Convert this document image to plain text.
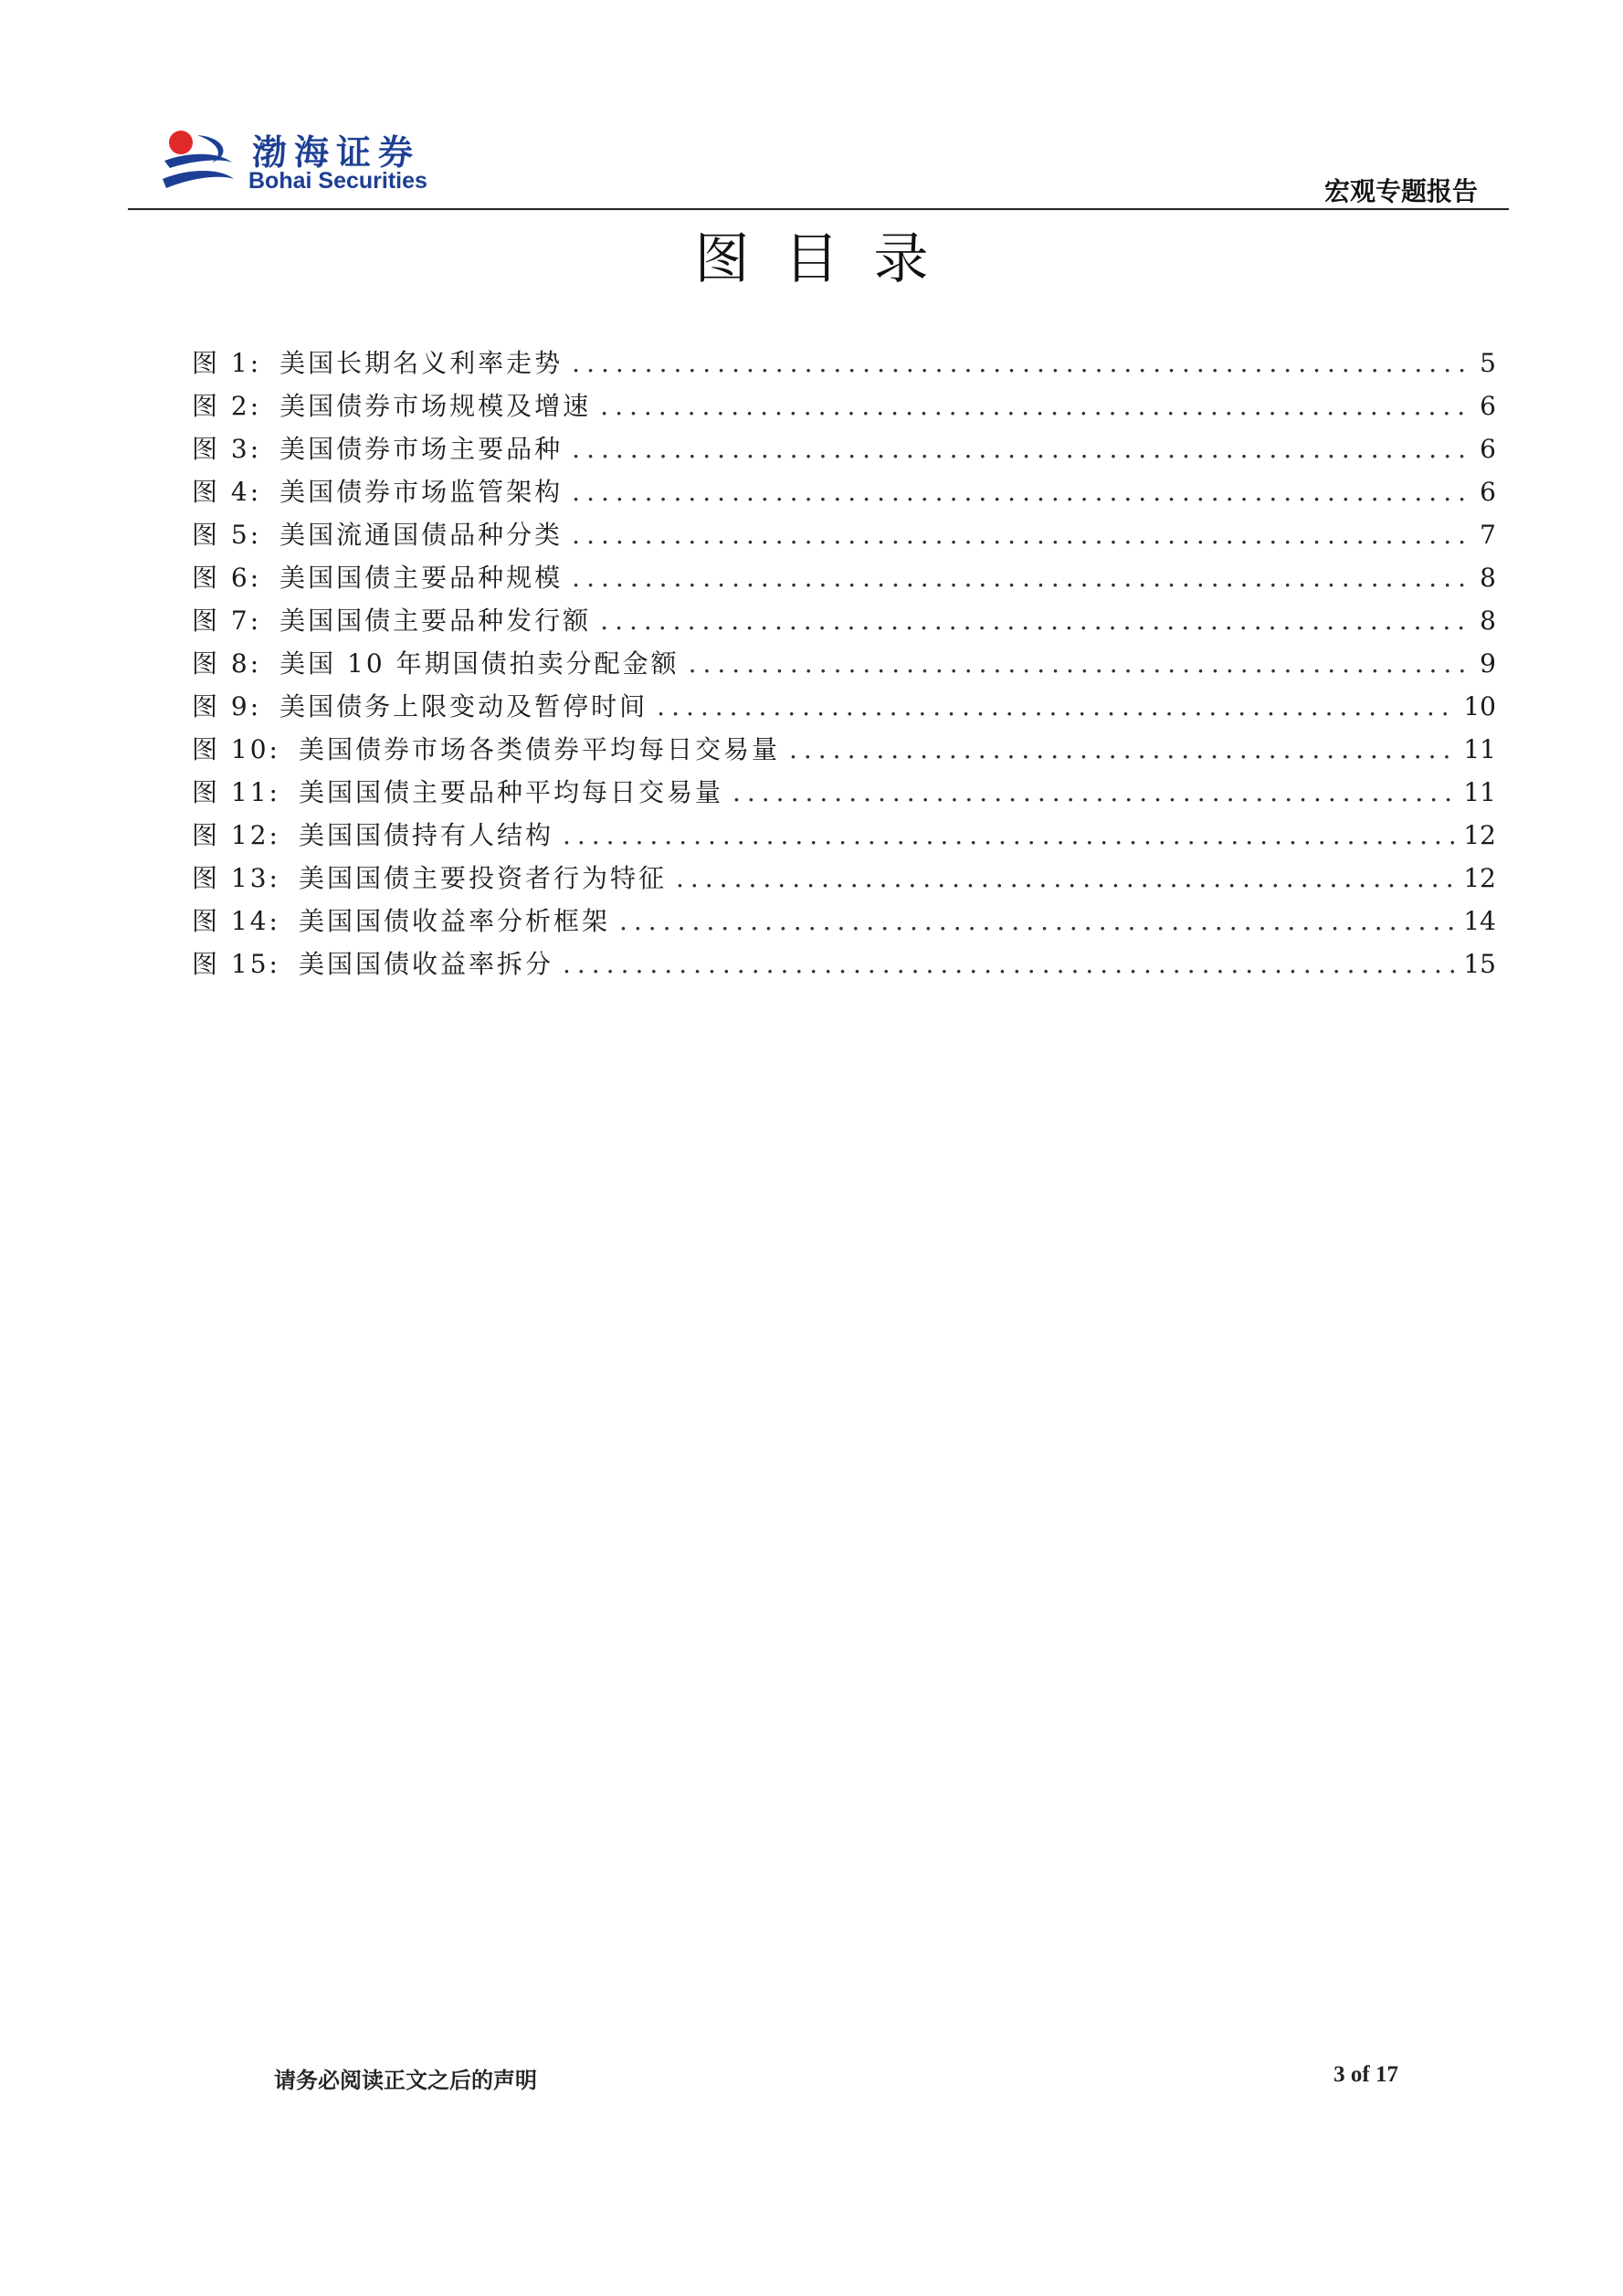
渤海证券
Bohai Securities	宏观专题报告
图目录
图 1: 美国长期名义利率走势 .....	5
图 2: 美国债券市场规模及增速 .....	6
图 3: 美国债券市场主要品种 .....	6
图 4: 美国债券市场监管架构 .....	6
图 5: 美国流通国债品种分类 .....	7
图 6: 美国国债主要品种规模 .....	8
图 7: 美国国债主要品种发行额 .....	8
图 8: 美国 10 年期国债拍卖分配金额 .....	9
图 9: 美国债务上限变动及暂停时间 .....	10
图 10: 美国债券市场各类债券平均每日交易量 .....	11
图 11: 美国国债主要品种平均每日交易量 .....	11
图 12: 美国国债持有人结构 .....	12
图 13: 美国国债主要投资者行为特征 .....	12
图 14: 美国国债收益率分析框架 .....	14
图 15: 美国国债收益率拆分 .....	15
请务必阅读正文之后的声明	3 of 17
